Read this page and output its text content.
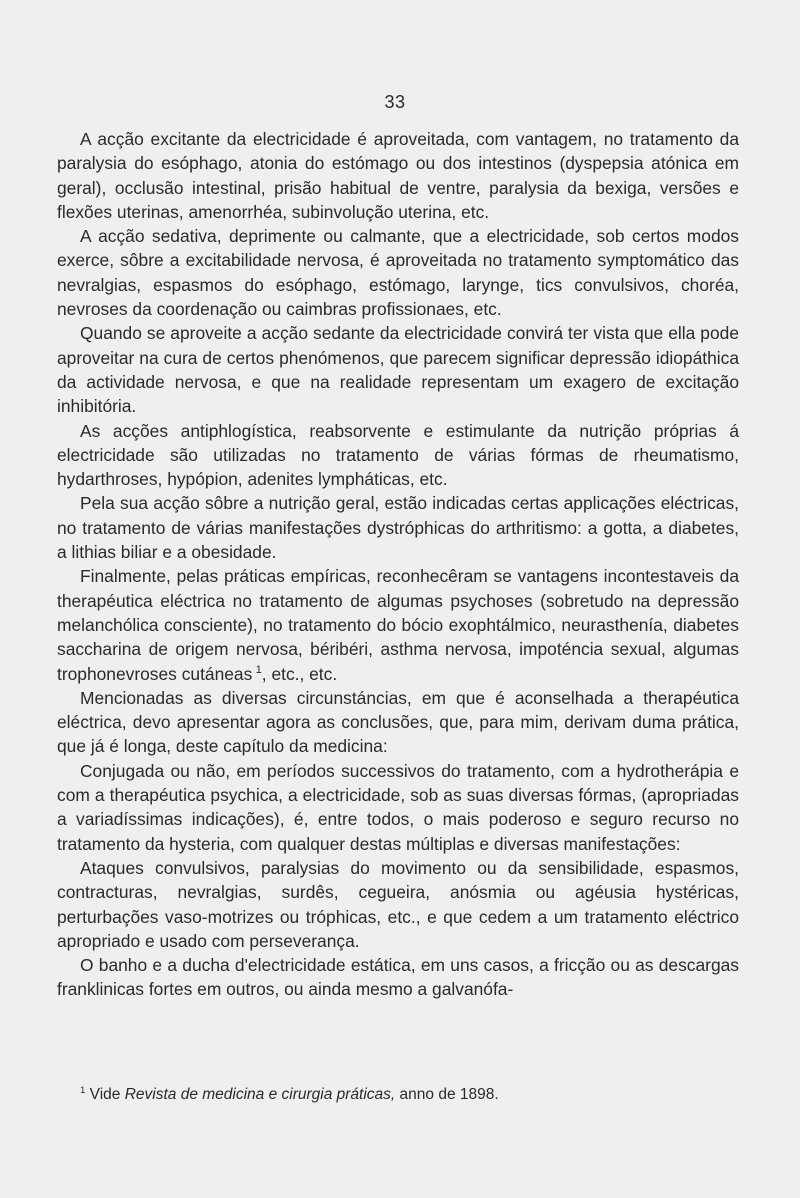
33

A acção excitante da electricidade é aproveitada, com vantagem, no tratamento da paralysia do esóphago, atonia do estómago ou dos intestinos (dyspepsia atónica em geral), occlusão intestinal, prisão habitual de ventre, paralysia da bexiga, versões e flexões uterinas, amenorrhéa, subinvolução uterina, etc.

A acção sedativa, deprimente ou calmante, que a electricidade, sob certos modos exerce, sôbre a excitabilidade nervosa, é aproveitada no tratamento symptomático das nevralgias, espasmos do esóphago, estómago, larynge, tics convulsivos, choréa, nevroses da coordenação ou caimbras profissionaes, etc.

Quando se aproveite a acção sedante da electricidade convirá ter vista que ella pode aproveitar na cura de certos phenómenos, que parecem significar depressão idiopáthica da actividade nervosa, e que na realidade representam um exagero de excitação inhibitória.

As acções antiphlogística, reabsorvente e estimulante da nutrição próprias á electricidade são utilizadas no tratamento de várias fórmas de rheumatismo, hydarthroses, hypópion, adenites lympháticas, etc.

Pela sua acção sôbre a nutrição geral, estão indicadas certas applicações eléctricas, no tratamento de várias manifestações dystróphicas do arthritismo: a gotta, a diabetes, a lithias biliar e a obesidade.

Finalmente, pelas práticas empíricas, reconhecêram se vantagens incontestaveis da therapéutica eléctrica no tratamento de algumas psychoses (sobretudo na depressão melanchólica consciente), no tratamento do bócio exophtálmico, neurasthenía, diabetes saccharina de origem nervosa, béribéri, asthma nervosa, impoténcia sexual, algumas trophonevroses cutáneas  $^1$, etc., etc.

Mencionadas as diversas circunstáncias, em que é aconselhada a therapéutica eléctrica, devo apresentar agora as conclusões, que, para mim, derivam duma prática, que já é longa, deste capítulo da medicina:

Conjugada ou não, em períodos successivos do tratamento, com a hydrotherápia e com a therapéutica psychica, a electricidade, sob as suas diversas fórmas, (apropriadas a variadíssimas indicações), é, entre todos, o mais poderoso e seguro recurso no tratamento da hysteria, com qualquer destas múltiplas e diversas manifestações:

Ataques convulsivos, paralysias do movimento ou da sensibilidade, espasmos, contracturas, nevralgias, surdês, cegueira, anósmia ou agéusia hystéricas, perturbações vaso-motrizes ou tróphicas, etc., e que cedem a um tratamento eléctrico apropriado e usado com perseverança.

O banho e a ducha d'electricidade estática, em uns casos, a fricção ou as descargas franklinicas fortes em outros, ou ainda mesmo a galvanófa-

$^1$ Vide Revista de medicina e cirurgia práticas, anno de 1898.
